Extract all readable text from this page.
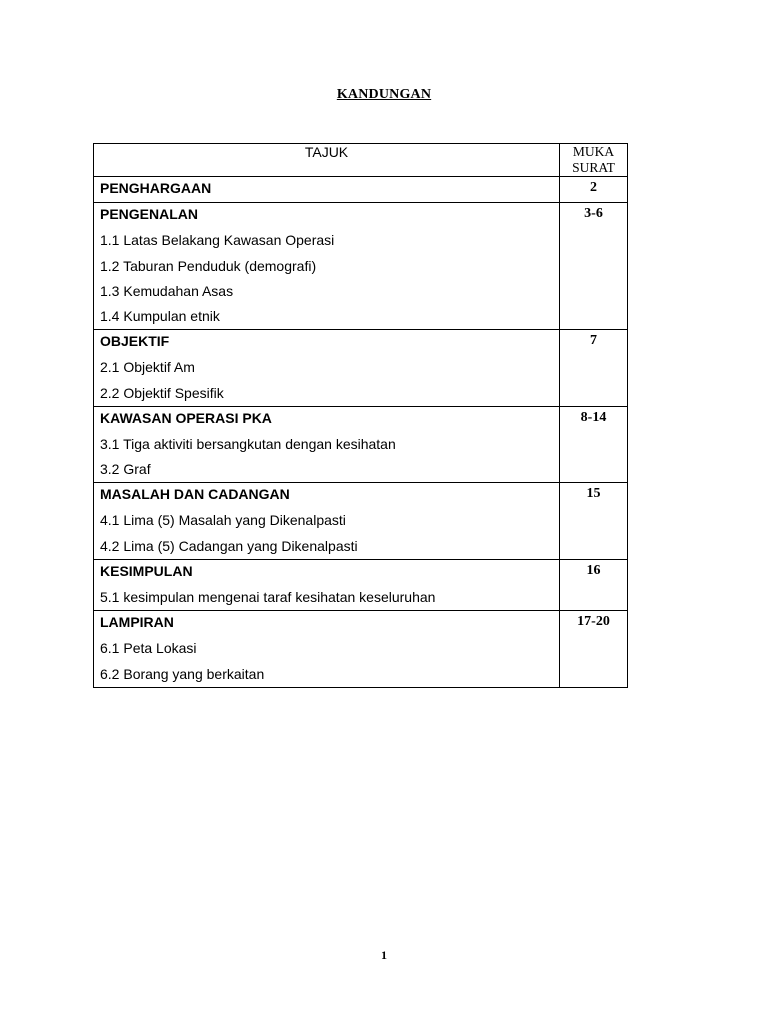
KANDUNGAN
TAJUK	MUKA
SURAT

PENGHARGAAN	2

PENGENALAN
1.1 Latas Belakang Kawasan Operasi
1.2 Taburan Penduduk (demografi)
1.3 Kemudahan Asas
1.4 Kumpulan etnik	3-6

OBJEKTIF
2.1 Objektif Am
2.2 Objektif Spesifik	7

KAWASAN OPERASI PKA
3.1 Tiga aktiviti bersangkutan dengan kesihatan
3.2 Graf	8-14

MASALAH DAN CADANGAN
4.1 Lima (5) Masalah yang Dikenalpasti
4.2 Lima (5) Cadangan yang Dikenalpasti	15

KESIMPULAN
5.1 kesimpulan mengenai taraf kesihatan keseluruhan	16

LAMPIRAN
6.1 Peta Lokasi
6.2 Borang yang berkaitan	17-20
1
